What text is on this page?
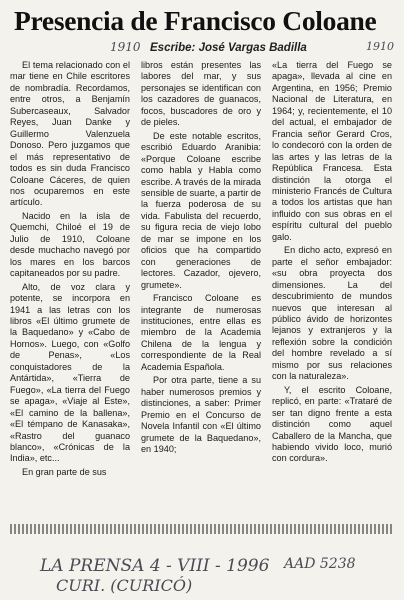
Presencia de Francisco Coloane
1910 Escribe: José Vargas Badilla	1910

El tema relacionado con el mar tiene en Chile escritores de nombradía. Recordamos, entre otros, a Benjamín Subercaseaux, Salvador Reyes, Juan Danke y Guillermo Valenzuela Donoso. Pero juzgamos que el más representativo de todos es sin duda Francisco Coloane Cáceres, de quien nos ocuparemos en este artículo.

Nacido en la isla de Quemchi, Chiloé el 19 de Julio de 1910, Coloane desde muchacho navegó por los mares en los barcos capitaneados por su padre.

Alto, de voz clara y potente, se incorpora en 1941 a las letras con los libros «El último grumete de la Baquedano» y «Cabo de Hornos». Luego, con «Golfo de Penas», «Los conquistadores de la Antártida», «Tierra de Fuego», «La tierra del Fuego se apaga», «Viaje al Este», «El camino de la ballena», «El témpano de Kanasaka», «Rastro del guanaco blanco», «Crónicas de la India», etc...

En gran parte de sus

libros están presentes las labores del mar, y sus personajes se identifican con los cazadores de guanacos, focos, buscadores de oro y de pieles.

De este notable escritos, escribió Eduardo Aranibia: «Porque Coloane escribe como habla y Habla como escribe. A través de la mirada sensible de suarte, a partir de la fuerza poderosa de su vida. Fabulista del recuerdo, su figura recia de viejo lobo de mar se impone en los oficios que ha compartido con generaciones de lectores. Cazador, ojevero, grumete».

Francisco Coloane es integrante de numerosas instituciones, entre ellas es miembro de la Academia Chilena de la lengua y correspondiente de la Real Academia Española.

Por otra parte, tiene a su haber numerosos premios y distinciones, a saber: Primer Premio en el Concurso de Novela Infantil con «El último grumete de la Baquedano», en 1940;

«La tierra del Fuego se apaga», llevada al cine en Argentina, en 1956; Premio Nacional de Literatura, en 1964; y, recientemente, el 10 del actual, el embajador de Francia señor Gerard Cros, lo condecoró con la orden de las artes y las letras de la República Francesa. Esta distinción la otorga el ministerio Francés de Cultura a todos los artistas que han influido con sus obras en el espíritu cultural del pueblo galo.

En dicho acto, expresó en parte el señor embajador: «su obra proyecta dos dimensiones. La del descubrimiento de mundos nuevos que interesan al público ávido de horizontes lejanos y extranjeros y la reflexión sobre la condición del hombre revelado a sí mismo por sus relaciones con la naturaleza».

Y, el escrito Coloane, replicó, en parte: «Trataré de ser tan digno frente a esta distinción como aquel Caballero de la Mancha, que habiendo vivido loco, murió con cordura».

LA PRENSA 4 - VIII - 1996
CURI. (CURICÓ)
AAD 5238
